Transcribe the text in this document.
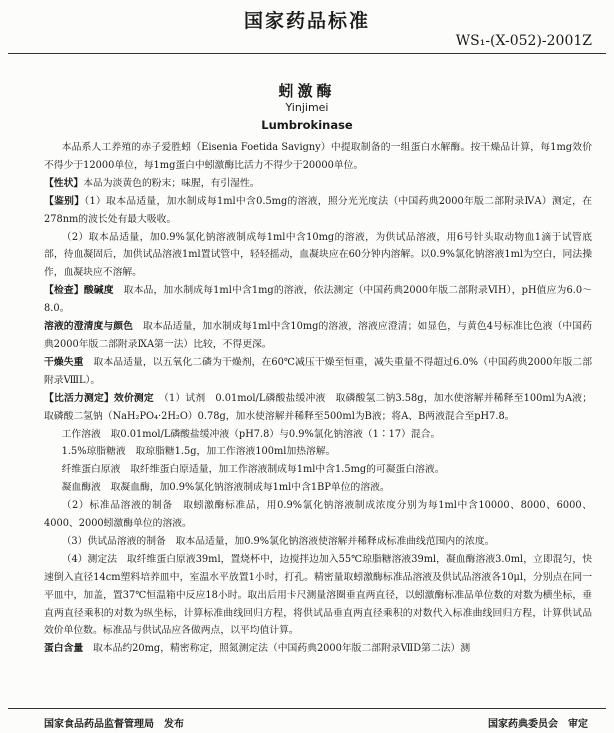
国家药品标准
WS₁-(X-052)-2001Z
蚓激酶
Yinjimei
Lumbrokinase

本品系人工养殖的赤子爱胜蚓（Eisenia Foetida Savigny）中提取制备的一组蛋白水解酶。按干燥品计算，每1mg效价不得少于12000单位，每1mg蛋白中蚓激酶比活力不得少于20000单位。

【性状】本品为淡黄色的粉末；味腥，有引湿性。

【鉴别】（1）取本品适量，加水制成每1ml中含0.5mg的溶液，照分光光度法（中国药典2000年版二部附录ⅣA）测定，在278nm的波长处有最大吸收。

（2）取本品适量，加0.9%氯化钠溶液制成每1ml中含10mg的溶液，为供试品溶液，用6号针头取动物血1滴于试管底部，待血凝固后，加供试品溶液1ml置试管中，轻轻摇动，血凝块应在60分钟内溶解。以0.9%氯化钠溶液1ml为空白，同法操作，血凝块应不溶解。

【检查】酸碱度　 取本品，加水制成每1ml中含1mg的溶液，依法测定（中国药典2000年版二部附录ⅥH），pH值应为6.0～8.0。

溶液的澄清度与颜色　 取本品适量，加水制成每1ml中含10mg的溶液，溶液应澄清；如显色，与黄色4号标准比色液（中国药典2000年版二部附录ⅨA第一法）比较，不得更深。

干燥失重　 取本品适量，以五氧化二磷为干燥剂，在60℃减压干燥至恒重，减失重量不得超过6.0%（中国药典2000年版二部附录ⅧL）。

【比活力测定】效价测定　 （1）试剂　0.01mol/L磷酸盐缓冲液　取磷酸氢二钠3.58g，加水使溶解并稀释至100ml为A液；取磷酸二氢钠（NaH₂PO₄·2H₂O）0.78g，加水使溶解并稀释至500ml为B液；将A、B两液混合至pH7.8。

工作溶液　取0.01mol/L磷酸盐缓冲液（pH7.8）与0.9%氯化钠溶液（1∶17）混合。

1.5%琼脂糖液　取琼脂糖1.5g，加工作溶液100ml加热溶解。

纤维蛋白原液　取纤维蛋白原适量，加工作溶液制成每1ml中含1.5mg的可凝蛋白溶液。

凝血酶液　取凝血酶，加0.9%氯化钠溶液制成每1ml中含1BP单位的溶液。

（2）标准品溶液的制备　取蚓激酶标准品，用0.9%氯化钠溶液制成浓度分别为每1ml中含10000、8000、6000、4000、2000蚓激酶单位的溶液。

（3）供试品溶液的制备　取本品适量，加0.9%氯化钠溶液使溶解并稀释成标准曲线范围内的浓度。

（4）测定法　取纤维蛋白原液39ml，置烧杯中，边搅拌边加入55℃琼脂糖溶液39ml，凝血酶溶液3.0ml，立即混匀，快速倒入直径14cm塑料培养皿中，室温水平放置1小时，打孔。精密量取蚓激酶标准品溶液及供试品溶液各10μl，分别点在同一平皿中，加盖，置37℃恒温箱中反应18小时。取出后用卡尺测量溶圈垂直两直径，以蚓激酶标准品单位数的对数为横坐标，垂直两直径乘积的对数为纵坐标，计算标准曲线回归方程，将供试品垂直两直径乘积的对数代入标准曲线回归方程，计算供试品效价单位数。标准品与供试品应各做两点，以平均值计算。

蛋白含量　 取本品约20mg，精密称定，照氮测定法（中国药典2000年版二部附录ⅦD第二法）测

国家食品药品监督管理局　发布	国家药典委员会　审定
